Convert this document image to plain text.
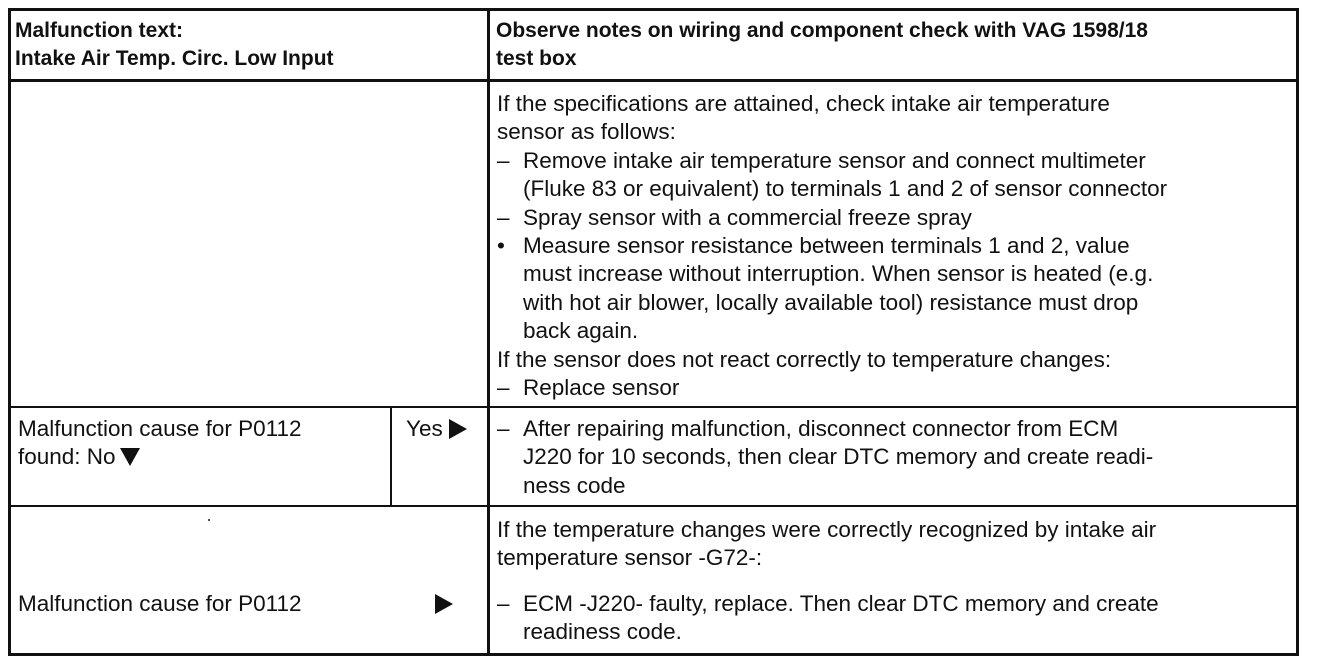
Malfunction text:
Intake Air Temp. Circ. Low Input
Observe notes on wiring and component check with VAG 1598/18
test box
If the specifications are attained, check intake air temperature
sensor as follows:
– Remove intake air temperature sensor and connect multimeter
(Fluke 83 or equivalent) to terminals 1 and 2 of sensor connector
– Spray sensor with a commercial freeze spray
• Measure sensor resistance between terminals 1 and 2, value
must increase without interruption. When sensor is heated (e.g.
with hot air blower, locally available tool) resistance must drop
back again.
If the sensor does not react correctly to temperature changes:
– Replace sensor
Malfunction cause for P0112
found: No
Yes	– After repairing malfunction, disconnect connector from ECM
J220 for 10 seconds, then clear DTC memory and create readi-
ness code
Malfunction cause for P0112
If the temperature changes were correctly recognized by intake air
temperature sensor -G72-:
– ECM -J220- faulty, replace. Then clear DTC memory and create
readiness code.
